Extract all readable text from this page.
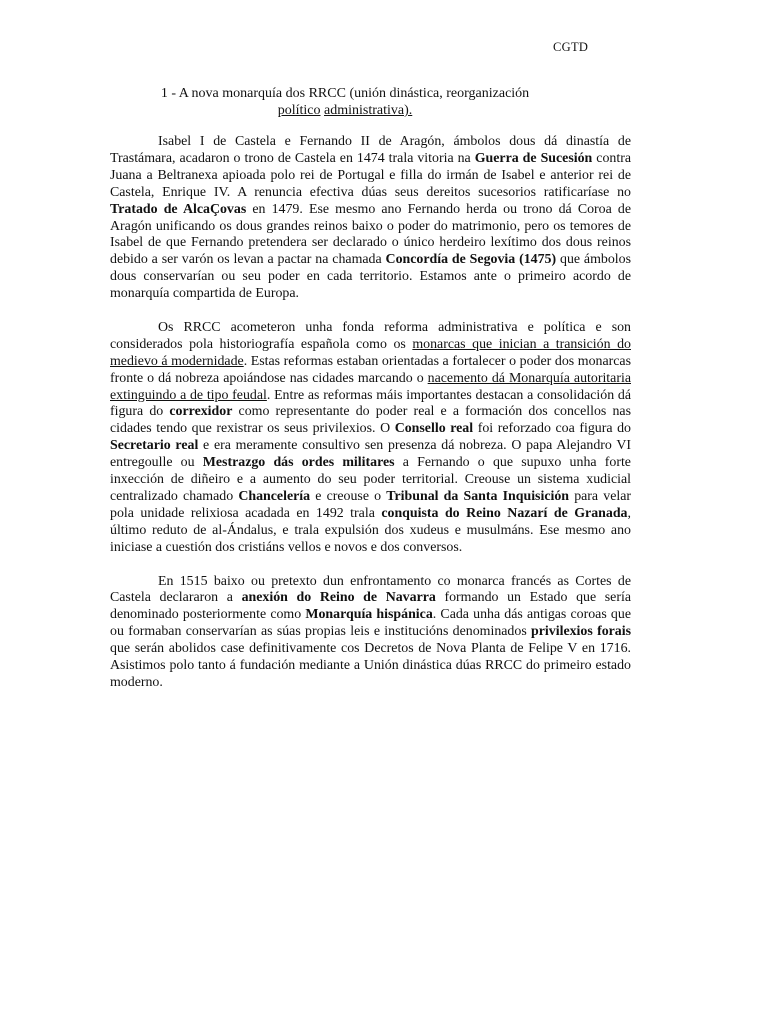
CGTD
1 - A nova monarquía dos RRCC (unión dinástica, reorganización
político administrativa).

Isabel I de Castela e Fernando II de Aragón, ámbolos dous dá dinastía de Trastámara, acadaron o trono de Castela en 1474 trala vitoria na Guerra de Sucesión contra Juana a Beltranexa apioada polo rei de Portugal e filla do irmán de Isabel e anterior rei de Castela, Enrique IV. A renuncia efectiva dúas seus dereitos sucesorios ratificaríase no Tratado de AlcaÇovas en 1479. Ese mesmo ano Fernando herda ou trono dá Coroa de Aragón unificando os dous grandes reinos baixo o poder do matrimonio, pero os temores de Isabel de que Fernando pretendera ser declarado o único herdeiro lexítimo dos dous reinos debido a ser varón os levan a pactar na chamada Concordía de Segovia (1475) que ámbolos dous conservarían ou seu poder en cada territorio. Estamos ante o primeiro acordo de monarquía compartida de Europa.

Os RRCC acometeron unha fonda reforma administrativa e política e son considerados pola historiografía española como os monarcas que inician a transición do medievo á modernidade. Estas reformas estaban orientadas a fortalecer o poder dos monarcas fronte o dá nobreza apoiándose nas cidades marcando o nacemento dá Monarquía autoritaria extinguindo a de tipo feudal. Entre as reformas máis importantes destacan a consolidación dá figura do correxidor como representante do poder real e a formación dos concellos nas cidades tendo que rexistrar os seus privilexios. O Consello real foi reforzado coa figura do Secretario real e era meramente consultivo sen presenza dá nobreza. O papa Alejandro VI entregoulle ou Mestrazgo dás ordes militares a Fernando o que supuxo unha forte inxección de diñeiro e a aumento do seu poder territorial. Creouse un sistema xudicial centralizado chamado Chancelería e creouse o Tribunal da Santa Inquisición para velar pola unidade relixiosa acadada en 1492 trala conquista do Reino Nazarí de Granada, último reduto de al-Ándalus, e trala expulsión dos xudeus e musulmáns. Ese mesmo ano iniciase a cuestión dos cristiáns vellos e novos e dos conversos.

En 1515 baixo ou pretexto dun enfrontamento co monarca francés as Cortes de Castela declararon a anexión do Reino de Navarra formando un Estado que sería denominado posteriormente como Monarquía hispánica. Cada unha dás antigas coroas que ou formaban conservarían as súas propias leis e institucións denominados privilexios forais que serán abolidos case definitivamente cos Decretos de Nova Planta de Felipe V en 1716. Asistimos polo tanto á fundación mediante a Unión dinástica dúas RRCC do primeiro estado moderno.
